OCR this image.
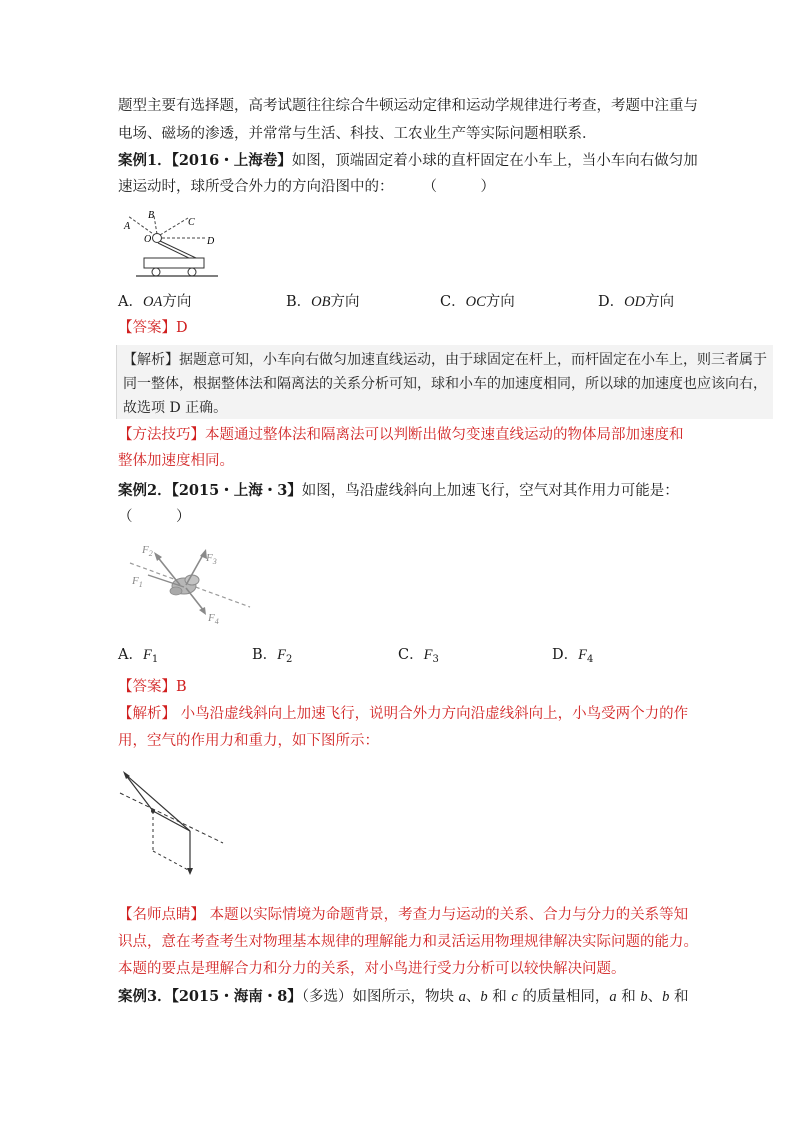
题型主要有选择题，高考试题往往综合牛顿运动定律和运动学规律进行考查，考题中注重与
电场、磁场的渗透，并常常与生活、科技、工农业生产等实际问题相联系．
案例1．【2016・上海卷】如图，顶端固定着小球的直杆固定在小车上，当小车向右做匀加
速运动时，球所受合外力的方向沿图中的：　　　（　　　）
A
B
C
O	D
A．OA方向	B．OB方向	C．OC方向	D．OD方向
【答案】D
【解析】据题意可知，小车向右做匀加速直线运动，由于球固定在杆上，而杆固定在小车上，则三者属于
同一整体，根据整体法和隔离法的关系分析可知，球和小车的加速度相同，所以球的加速度也应该向右，
故选项 D 正确。
【方法技巧】本题通过整体法和隔离法可以判断出做匀变速直线运动的物体局部加速度和
整体加速度相同。
案例2．【2015・上海・3】如图，鸟沿虚线斜向上加速飞行，空气对其作用力可能是：
（　　　）
$F_2$	$F_3$
$F_1$
$F_4$
A．$F_1$	B．$F_2$	C．$F_3$	D．$F_4$
【答案】B
【解析】 小鸟沿虚线斜向上加速飞行，说明合外力方向沿虚线斜向上，小鸟受两个力的作
用，空气的作用力和重力，如下图所示：
【名师点睛】 本题以实际情境为命题背景，考查力与运动的关系、合力与分力的关系等知
识点，意在考查考生对物理基本规律的理解能力和灵活运用物理规律解决实际问题的能力。
本题的要点是理解合力和分力的关系，对小鸟进行受力分析可以较快解决问题。
案例3．【2015・海南・8】（多选）如图所示，物块 a、b 和 c 的质量相同，a 和 b、b 和
